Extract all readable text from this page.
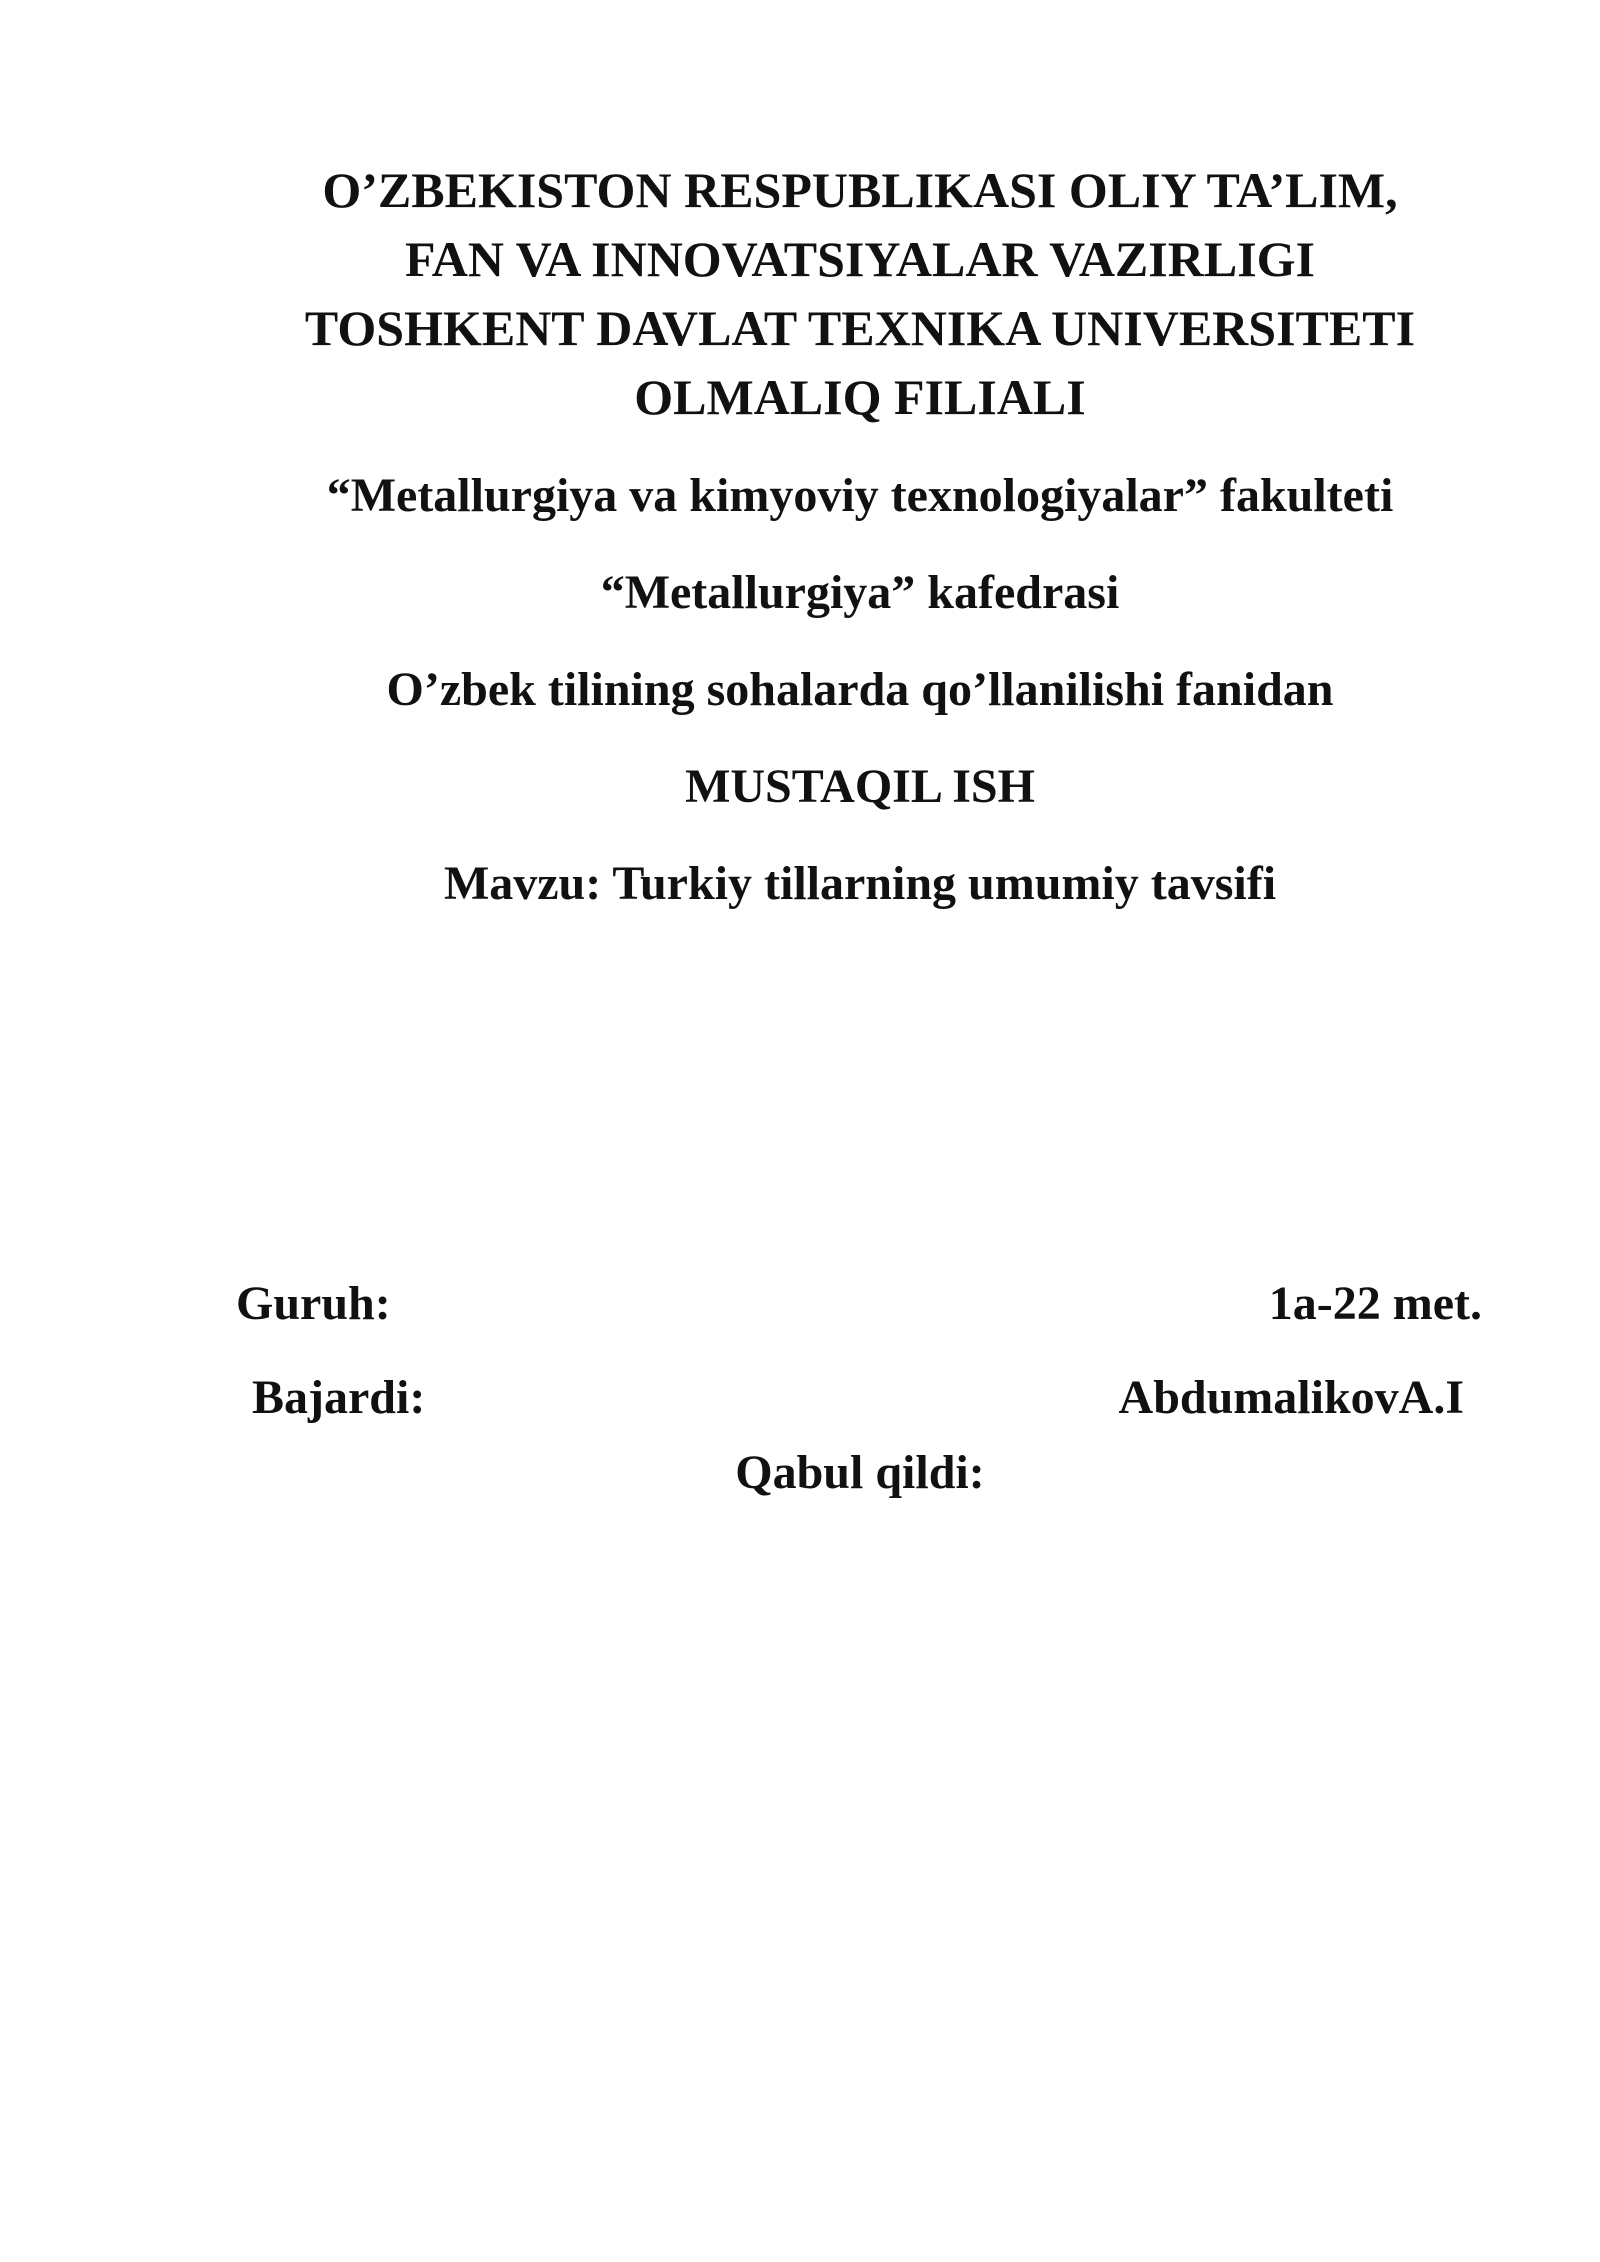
O’ZBEKISTON RESPUBLIKASI OLIY TA’LIM,
FAN VA INNOVATSIYALAR VAZIRLIGI
TOSHKENT DAVLAT TEXNIKA UNIVERSITETI
OLMALIQ FILIALI
“Metallurgiya va kimyoviy texnologiyalar” fakulteti
“Metallurgiya” kafedrasi
O’zbek tilining sohalarda qo’llanilishi fanidan
MUSTAQIL ISH
Mavzu: Turkiy tillarning umumiy tavsifi
Guruh:	1a-22 met.
Bajardi:	AbdumalikovA.I
Qabul qildi:
